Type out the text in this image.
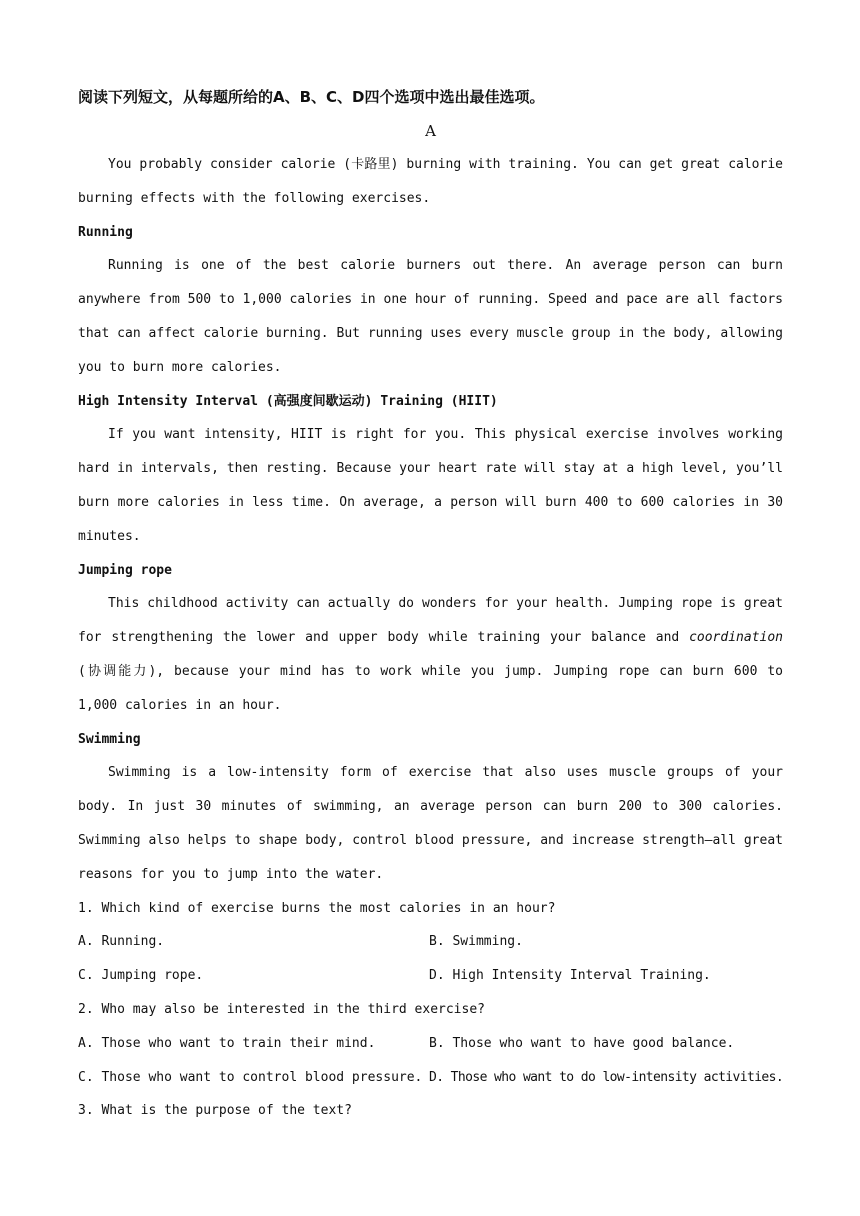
阅读下列短文，从每题所给的A、B、C、D四个选项中选出最佳选项。
A

You probably consider calorie (卡路里) burning with training. You can get great calorie burning effects with the following exercises.

Running

Running is one of the best calorie burners out there. An average person can burn anywhere from 500 to 1,000 calories in one hour of running. Speed and pace are all factors that can affect calorie burning. But running uses every muscle group in the body, allowing you to burn more calories.

High Intensity Interval (高强度间歇运动) Training (HIIT)

If you want intensity, HIIT is right for you. This physical exercise involves working hard in intervals, then resting. Because your heart rate will stay at a high level, you’ll burn more calories in less time. On average, a person will burn 400 to 600 calories in 30 minutes.

Jumping rope

This childhood activity can actually do wonders for your health. Jumping rope is great for strengthening the lower and upper body while training your balance and coordination (协调能力), because your mind has to work while you jump. Jumping rope can burn 600 to 1,000 calories in an hour.

Swimming

Swimming is a low-intensity form of exercise that also uses muscle groups of your body. In just 30 minutes of swimming, an average person can burn 200 to 300 calories. Swimming also helps to shape body, control blood pressure, and increase strength—all great reasons for you to jump into the water.

1. Which kind of exercise burns the most calories in an hour?
A. Running.	B. Swimming.
C. Jumping rope.	D. High Intensity Interval Training.
2. Who may also be interested in the third exercise?
A. Those who want to train their mind.	B. Those who want to have good balance.
C. Those who want to control blood pressure. D. Those who want to do low-intensity activities.
3. What is the purpose of the text?
